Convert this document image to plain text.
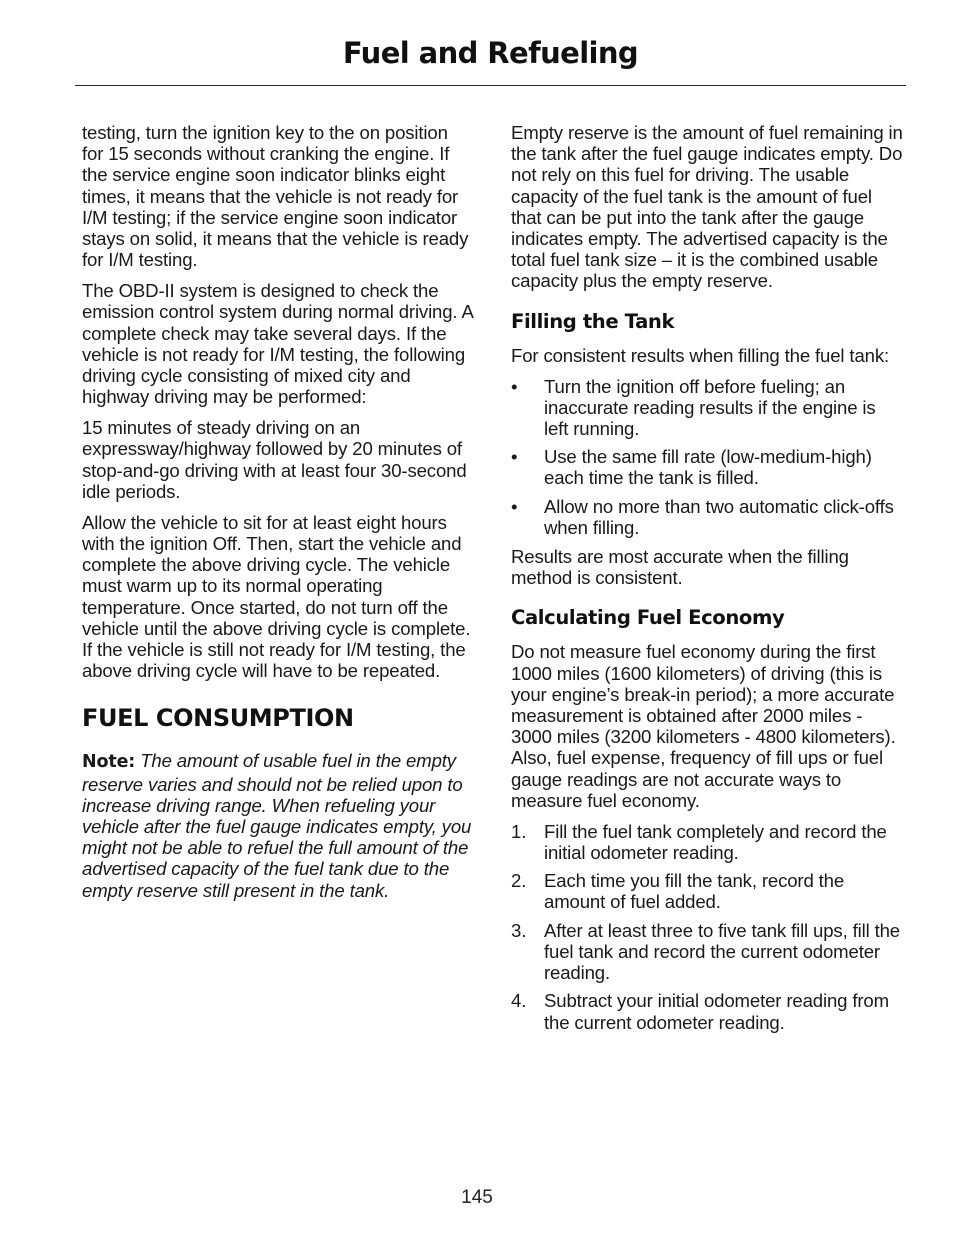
Fuel and Refueling

testing, turn the ignition key to the on position for 15 seconds without cranking the engine. If the service engine soon indicator blinks eight times, it means that the vehicle is not ready for I/M testing; if the service engine soon indicator stays on solid, it means that the vehicle is ready for I/M testing.

The OBD-II system is designed to check the emission control system during normal driving. A complete check may take several days. If the vehicle is not ready for I/M testing, the following driving cycle consisting of mixed city and highway driving may be performed:

15 minutes of steady driving on an expressway/highway followed by 20 minutes of stop-and-go driving with at least four 30-second idle periods.

Allow the vehicle to sit for at least eight hours with the ignition Off. Then, start the vehicle and complete the above driving cycle. The vehicle must warm up to its normal operating temperature. Once started, do not turn off the vehicle until the above driving cycle is complete. If the vehicle is still not ready for I/M testing, the above driving cycle will have to be repeated.

FUEL CONSUMPTION

Note: The amount of usable fuel in the empty reserve varies and should not be relied upon to increase driving range. When refueling your vehicle after the fuel gauge indicates empty, you might not be able to refuel the full amount of the advertised capacity of the fuel tank due to the empty reserve still present in the tank.

Empty reserve is the amount of fuel remaining in the tank after the fuel gauge indicates empty. Do not rely on this fuel for driving. The usable capacity of the fuel tank is the amount of fuel that can be put into the tank after the gauge indicates empty. The advertised capacity is the total fuel tank size – it is the combined usable capacity plus the empty reserve.

Filling the Tank

For consistent results when filling the fuel tank:

•	Turn the ignition off before fueling; an inaccurate reading results if the engine is left running.
•	Use the same fill rate (low-medium-high) each time the tank is filled.
•	Allow no more than two automatic click-offs when filling.

Results are most accurate when the filling method is consistent.

Calculating Fuel Economy

Do not measure fuel economy during the first 1000 miles (1600 kilometers) of driving (this is your engine’s break-in period); a more accurate measurement is obtained after 2000 miles - 3000 miles (3200 kilometers - 4800 kilometers). Also, fuel expense, frequency of fill ups or fuel gauge readings are not accurate ways to measure fuel economy.

1. Fill the fuel tank completely and record the initial odometer reading.
2. Each time you fill the tank, record the amount of fuel added.
3. After at least three to five tank fill ups, fill the fuel tank and record the current odometer reading.
4. Subtract your initial odometer reading from the current odometer reading.
145
